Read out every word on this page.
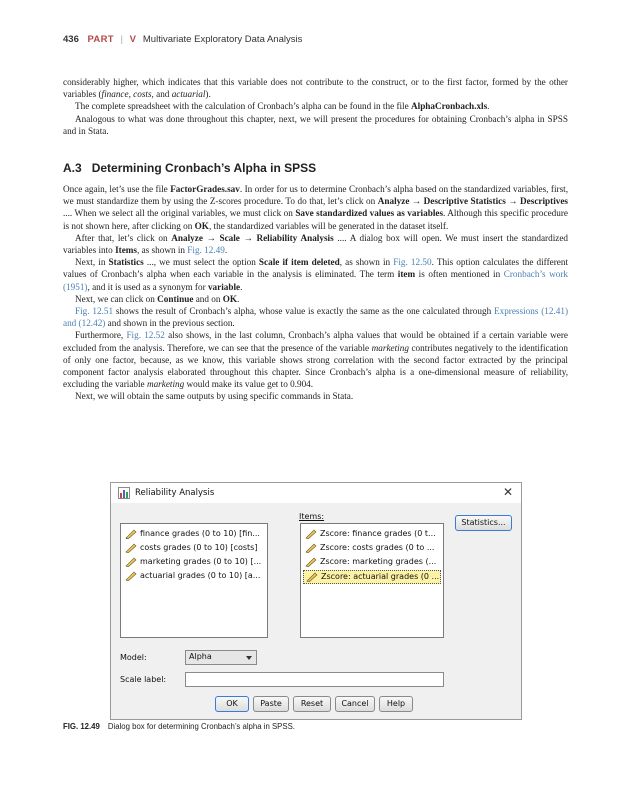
436 PART | V Multivariate Exploratory Data Analysis

considerably higher, which indicates that this variable does not contribute to the construct, or to the first factor, formed by the other variables (finance, costs, and actuarial).

The complete spreadsheet with the calculation of Cronbach’s alpha can be found in the file AlphaCronbach.xls.

Analogous to what was done throughout this chapter, next, we will present the procedures for obtaining Cronbach’s alpha in SPSS and in Stata.

A.3 Determining Cronbach’s Alpha in SPSS

Once again, let’s use the file FactorGrades.sav. In order for us to determine Cronbach’s alpha based on the standardized variables, first, we must standardize them by using the Z-scores procedure. To do that, let’s click on Analyze → Descriptive Statistics → Descriptives .... When we select all the original variables, we must click on Save standardized values as variables. Although this specific procedure is not shown here, after clicking on OK, the standardized variables will be generated in the dataset itself.

After that, let’s click on Analyze → Scale → Reliability Analysis .... A dialog box will open. We must insert the standardized variables into Items, as shown in Fig. 12.49.

Next, in Statistics ..., we must select the option Scale if item deleted, as shown in Fig. 12.50. This option calculates the different values of Cronbach’s alpha when each variable in the analysis is eliminated. The term item is often mentioned in Cronbach’s work (1951), and it is used as a synonym for variable.

Next, we can click on Continue and on OK.

Fig. 12.51 shows the result of Cronbach’s alpha, whose value is exactly the same as the one calculated through Expressions (12.41) and (12.42) and shown in the previous section.

Furthermore, Fig. 12.52 also shows, in the last column, Cronbach’s alpha values that would be obtained if a certain variable were excluded from the analysis. Therefore, we can see that the presence of the variable marketing contributes negatively to the identification of only one factor, because, as we know, this variable shows strong correlation with the second factor extracted by the principal component factor analysis elaborated throughout this chapter. Since Cronbach’s alpha is a one-dimensional measure of reliability, excluding the variable marketing would make its value get to 0.904.

Next, we will obtain the same outputs by using specific commands in Stata.

Reliability Analysis	✕
finance grades (0 to 10) [fin...
costs grades (0 to 10) [costs]
marketing grades (0 to 10) [...
actuarial grades (0 to 10) [a...
Items:
Zscore: finance grades (0 t...
Zscore: costs grades (0 to ...
Zscore: marketing grades (...
Zscore: actuarial grades (0 ...
Statistics...
Model:	Alpha
Scale label:
OK	Paste	Reset	Cancel	Help
FIG. 12.49 Dialog box for determining Cronbach’s alpha in SPSS.
